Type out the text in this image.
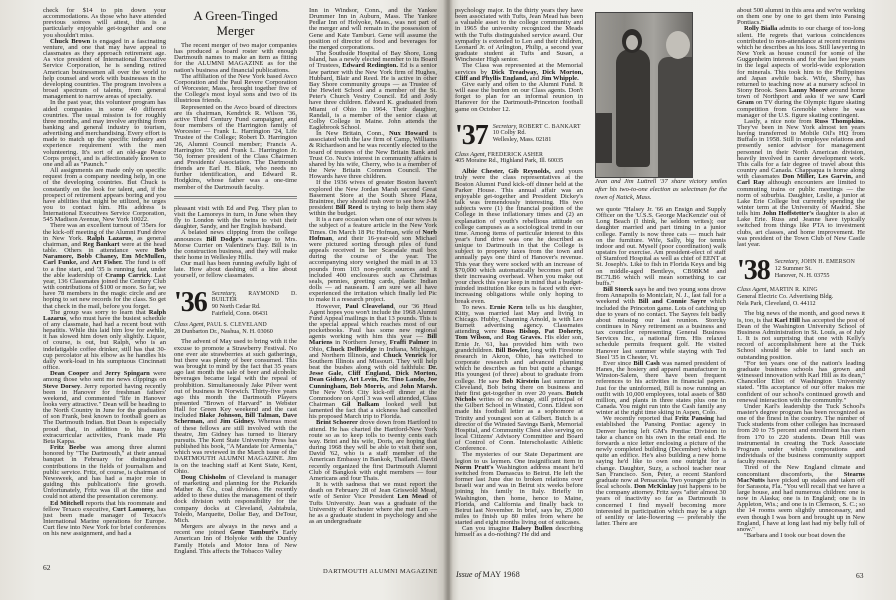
check for $14 to pin down your accommodations. As those who have attended previous soirees will attest, this is a particularly enjoyable get-together and one you shouldn't miss.

Chuck Brown is engaged in a fascinating venture, and one that may have appeal to classmates as they approach retirement age. As vice president of International Executive Service Corporation, he is sending retired American businessmen all over the world to help counsel and work with businesses in the developing countries. The program involves a broad spectrum of talents, from general management to narrow areas of specialty.

In the past year, this volunteer program has aided companies in some 40 different countries. The usual mission is for roughly three months, and may involve anything from banking and general industry to tourism, advertising and merchandising. Every effort is made to match up the specific industry and experience requirement with the men volunteering. It's sort of an old-age Peace Corps project, and is affectionately known to one and all as "Paunch."

All assignments are made only on specific request from a company needing help, in one of the developing countries. But Chuck is constantly on the look for talent, and, if the prospect of retirement appears boring and you have abilities that might be utilized, he urges you to contact him. His address is International Executives Service Corporation, 545 Madison Avenue, New York 10022.

There was an excellent turnout of '35ers for the kick-off meeting of the Alumni Fund drive in New York. Ralph Lazarus, as general chairman, and Reg Bankart were at the head table. Others in attendance were Bob Naramore, Bobb Chaney, Em McMullen, Carl Funke, and Art Fisher. The fund is off to a fine start, and '35 is running fast, under the able leadership of Cramp Carrick. Last year, 136 Classmates joined the Century Club with contributions of $100 or more. So far, we have 78 members in the magic circle and are hoping to set new records for the class. So get that check in the mail, before you forget.

The group was sorry to learn that Ralph Lazarus, who must have the busiest schedule of any classmate, had had a recent bout with hepatitis. While this laid him low for awhile, it has slowed him down only slightly. Liquor, of course, is out, but Ralph, who is an indefatigable coffee drinker, still has that 30-cup percolator at his elbow as he handles his daily work-load in his sumptuous Cincinnati office.

Dean Cooper and Jerry Spingarn were among those who sent me news clippings on Steve Dorsey. Jerry reported having recently been in Hanover for freshman fathers' weekend, and commented "life in Hanover looks very attractive." Dean will be heading to the North Country in June for the graduation of son Frank, best known to football goers as The Dartmouth Indian. But Dean is especially proud that, in addition to his many extracurricular activities, Frank made Phi Beta Kappa.

Fritz Beebe was among three alumni honored by "The Dartmouth," at their annual banquet in February for distinguished contributions in the fields of journalism and public service. Fritz, of course, is chairman of Newsweek, and has had a major role in guiding this publication's fine growth. Unfortunately, Fritz was ill at the time and could not attend the presentation ceremony.

Ed Mitchell reports that his roommate and fellow Texaco executive, Curt Lamorey, has just been made manager of Texaco's International Marine operations for Europe. Curt flew into New York for brief conferences on his new assignment, and had a

A Green-Tinged Merger

The recent merger of two major companies has produced a board roster with enough Dartmouth names to make an item as fitting for the ALUMNI MAGAZINE as for the nation's business and financial publications.

The affiliation of the New York based Avco Corporation and the Paul Revere Corporation of Worcester, Mass., brought together five of the College's most loyal sons and two of its illustrious friends.

Represented on the Avco board of directors are its chairman, Kendrick R. Wilson '36, active Third Century Fund campaigner, and four members of the Harrington family of Worcester — Frank L. Harrington '24, Life Trustee of the College; Robert D. Harrington '26, Alumni Council member; Francis A. Harrington '33; and Frank L. Harrington Jr. '50, former president of the Class Chairmen and Presidents' Association. The Dartmouth friends are Earl H. Blaik, who needs no further identification, and Edward R. Hodgkins, whose father was a one-time member of the Dartmouth faculty.

pleasant visit with Ed and Peg. They plan to visit the Lamoreys in turn, in June when they fly to London with the twins to visit their daughter, Sandy, and her English husband.

A belated news clipping from the college announces Bill Dodge's marriage to Mrs. Morse Currier on Valentine's Day. Bill is in the construction business, and they will make their home in Wellesley Hills.

Our mail has been running awfully light of late. How about dashing off a line about yourself, or fellow classmates.

'36 Secretary, RAYMOND D. BUILTER
90 North Cedar Rd.
Fairfield, Conn. 06431
Class Agent, PAUL S. CLEVELAND
28 Dunbarton Dr., Nashua, N. H. 03060

The advent of May used to bring with it the excuse to promote a Strawberry Festival. No one ever ate strawberries at such gatherings, but there was plenty of beer consumed. This was brought to mind by the fact that 35 years ago last month the sale of beer and alcoholic beverages became legal with the repeal of prohibition. Simultaneously Jake Pilver went out of business in Norwich. Thirty-five years ago this month the Dartmouth Players presented "Brown of Harvard" in Webster Hall for Green Key weekend and the cast included Blake Johnson, Bill Talman, Dave Scherman, and Jim Gidney. Whereas most of these fellows are still involved with the theatre, Jim Gidney has turned to literary pursuits. The Kent State University Press has published his book, "A Mandate for Armenia," which was reviewed in the March issue of the DARTMOUTH ALUMNI MAGAZINE. Jim is on the teaching staff at Kent State, Kent, Ohio.

Doug Chisholm of Cleveland is manager of marketing and planning for the Pickands Mather & Co., coal division. He recently added to these duties the management of their dock division with responsibility for the company docks at Cleveland, Ashtabula, Toledo, Marquette, Dollar Bay, and DeTour, Mich.

Mergers are always in the news and a recent one joined Gene Tamburi's Early American Inn of Holyoke with the Dunfey Family Hotels and Motor Inns of New England. This affects the Tobacco Valley

Inn in Windsor, Conn., and the Yankee Drummer Inn in Auburn, Mass. The Yankee Pedlar Inn of Holyoke, Mass., was not part of the merger and will remain in the possession of Gene and Kate Tamburi. Gene will assume the position of director of food and beverages for the merged corporations.

The Southside Hospital of Bay Shore, Long Island, has a newly elected member to its Board of Trustees, Edward Redington. Ed is a senior law partner with the New York firm of Hughes, Hubbard, Blair and Reed. He is active in other Bay Shore community groups — as Trustee of the Hewlett School and a member of the St. Peter's Church Vestry Council. Ed and Jody have three children. Edward K. graduated from Miami of Ohio in 1964. Their daughter, Randall, is a member of the senior class at Colby College in Maine. John attends the Eaglebrook School.

In New Britain, Conn., Nux Howard is associated with the law firm of Camp, Williams & Richardson and he was recently elected to the board of trustees of the New Britain Bank and Trust Co. Nux's interest in community affairs is shared by his wife, Cherry, who is a member of the New Britain Common Council. The Howards have three children.

If the 1936 wives of greater Boston haven't explored the New Jordan Marsh second Great Basement Store at the South Shore Plaza, Braintree, they should rush over to see how J-M president Bill Reed is trying to help them stay within the budget.

It is a rare occasion when one of our wives is the subject of a feature article in the New York Times. On March 18 Pic Hofman, wife of Norb Hofman, and their 16-year-old son Michael were pictured sorting through piles of fund appeals received in her Scarsdale mail box during the course of the year. The accompanying story weighed the mail in at 13 pounds from 103 non-profit sources and it included 400 enclosures such as Christmas seals, pennies, greeting cards, plastic Indian dolls — ad nauseam. I am sure we all have experienced the irritation which finally led Pic to make it a research project.

However, Paul Cleaveland, our '36 Head Agent hopes you won't include the 1968 Alumni Fund Appeal mailings in that 13 pounds. This is the special appeal which reaches most of our pocketbooks. Paul has some new regional agents working with him this year — Bill Mariens in Northern Jersey, Fraffi Palmer in Ohio, Chuck Dellbridge in Indiana, Michigan, and Northern Illinois, and Chuck Venrick for Southern Illinois and Missouri. They will help beat the bushes along with old faithfuls: Dr. Jesse Gale, Cliff England, Dick Morton, Dean Gidney, Art Levin, Dr. Tino Lando, Joe Cunningham, Bob Morris, and John Marsh. The New York City kick-off dinner at the Commodore on April 3 was well attended, Class Chairman Gil Balkam looked well but lamented the fact that a sickness had cancelled his proposed March trip to Florida.

Brint Schoerer drove down from Hartford to attend. He has charted the Hartford-New York route so as to keep tolls to twenty cents each way. Brint and his wife, Doris, are hoping that during 1968 they will be able to visit their son, David '62, who is a staff member of the American Embassy in Bankok, Thailand. David recently organized the first Dartmouth Alumni Club of Bangkok with eight members — four Americans and four Thais.

It is with sadness that we must report the death on February 28 of Jean Griswold Mead, wife of Senior Vice President Len Mead of Tufts University. Jean was a graduate of the University of Rochester where she met Len — he as a graduate student in psychology and she as an undergraduate

psychology major. In the thirty years they have been associated with Tufts, Jean Mead has been a valuable asset to the college community and in 1965 the university recognized the Meads with the Tufts distinguished service award. Our sympathy is extended to Len and their children, Leonard Jr. of Arlington, Philip, a second year graduate student at Tufts and Susan, a Winchester High senior.

The Class was represented at the Memorial services by Dick Treadway, Dick Morton, Cliff and Phyllis England, and Jim Whipple.

Give early and often to the Alumni Fund. It will ease the burden on our Class agents. Don't forget to plan for an informal reunion in Hanover for the Dartmouth-Princeton football game on October 12.

'37 Secretary, ROBERT C. BANKART
10 Colby Rd.
Wellesley, Mass. 02181
Class Agent, FREDERICK ASHER
405 Moraine Rd., Highland Park, Ill. 60035

Albie Chester, Gib Reynolds, and yours truly were the class representatives at the Boston Alumni Fund kick-off dinner held at the Parker House. This annual affair was an enjoyable get-together and President Dickey's talk was tremendously interesting. His two subjects were (1) the financial position of the College in these inflationary times and (2) an explanation of youth's rebellious attitude on college campuses as a sociological trend in our time. Among items of particular interest to this year's fund drive was one he described as unique to Dartmouth in that the College is subject to property taxes from the town and annually pays one third of Hanover's revenue. This year they were socked with an increase of $70,000 which automatically becomes part of their increasing overhead. When you make out your check this year keep in mind that a budget-minded institution like ours is faced with ever-increasing obligations while only hoping to break even.

To news. Ernie Kern tells us his daughter, Kitty, was married last May and living in Chicago. Hubby, Channing Arnold, is with Leo Burnett advertising agency. Classmates attending were Russ Bishop, Pat Doherty, Tom Wilson, and Rog Graves. His elder son, Ernie Jr. '61, has provided him with two grandchildren. Bill Bowler, long with Firestone research in Akron, Ohio, has switched to corporate research and advanced planning which he describes as fun but quite a change. His youngest (of three) about to graduate from college. He saw Bob Kirstein last summer in Cleveland, Bob being there on business and their first get-together in over 20 years. Butch Nichols writes of no change, still principal of the Gilbert School in Winsted, Conn. Eldest son made his football letter as a sophomore at Trinity and youngest son at Gilbert. Butch is a director of the Winsted Savings Bank, Memorial Hospital, and Community Chest also serving on local Citizens' Advisory Committee and Board of Control of Conn. Interscholastic Athletic Conference.

The mysteries of our State Department are legion to us laymen. One insignificant item in Norm Pratt's Washington address meant he'd switched from Damascus to Beirut. He left the former last June due to broken relations over Israeli war and was in Beirut six weeks before joining his family in Italy. Briefly in Washington, then home, hence to Maine, Florida, and California and finally back to Beirut last November. In brief, says he, 25,000 miles to finish up 80 miles from where he started and eight months living out of suitcases.

Can you imagine Halsey Bullen describing himself as a do-nothing? He did and

we quote "Halsey Jr. '66 an Ensign and Supply Officer on the 'U.S.S. George MacKenzie' out of Long Beach (I think, he seldom writes); our daughter married and part timing in a junior college. Family is now three cats — much hair on the furniture. Wife, Sally, big for tennis indoor and out. Myself (poor coordination) walk upstairs for exercise. Am president-elect of staff of Stamford Hospital as well as chief of EENT at St. Joseph's. Like to fish in Florida Keys and big on middle-aged Bentleys, CB98KM and BC7LB6 which will mean something to car buffs."

Bill Storck says he and two young sons drove from Annapolis to Montclair, N. J., last fall for a weekend with Bill and Connie Sayre which included the Princeton game. Lots of catching up due to years of no contact. The Sayres felt badly about missing our last reunion. Storcky continues in Navy retirement as a business and tax councilor representing General Business Services Inc., a national firm. His relaxed schedule permits frequent golf. He visited Hanover last summer while staying with Ted Steel '35 in Chester, Vt.

Ever since Bill Cash was named president of Hanes, the hosiery and apparel manufacturer in Winston-Salem, there have been frequent references to his activities in financial papers. Just for the uninformed, Bill is now running an outfit with 10,000 employees, total assets of $80 million, and plants in three states plus one in Canada. You might run into the Cash family any winter at the right time skiing in Aspen, Colo.

We recently reported that Fritz Pansing had established the Pansing Pontiac agency in Denver having left GM's Pontiac Division to take a chance on his own in the retail end. He forwards a nice letter enclosing a picture of the newly completed building (December) which is quite an edifice. He's also building a new home saying he'd like to own one outright for a change. Daughter, Suzy, a school teacher near San Francisco. Son, Peter, a recent Stanford graduate now at Pensacola. Two younger girls in local schools. Don McKinlay just happens to be the company attorney. Fritz says "after almost 30 years of inactivity so far as Dartmouth is concerned I find myself becoming more interested in participation which may be a sign of senility or late-flowering — preferably the latter. There are

about 500 alumni in this area and we're working on them one by one to get them into Pansing Pontiacs."

Rolly Bialla admits to our charge of too-long silent. He regrets that various coincidences contributed to non-attendance at recent reunions which he describes as his loss. Still lawyering in New York as house council for some of the Guggenheim interests and for the last few years in the legal aspects of world-wide exploration for minerals. This took him to the Philippines and Japan awhile back. Wife, Sherry, has returned to teaching now at a nursery school in Stony Brook. Sees Lanny Moore around home town of Northport and asks if we saw Carl Gram on TV during the Olympic figure skating competition from Grenoble where he was manager of the U.S. figure skating contingent.

Lastly, a nice note from Russ Thompkins. They've been in New York almost ten years having transferred to Mobile Oil's HQ from Buffalo in 1958. Still in employee relations and presently senior advisor for management personnel in their North American division, heavily involved in career development work. This calls for a fair degree of travel about this country and Canada. Chappaqua is home along with classmates Don Miller, Les Garvin, and Carl Ray although encounters are limited to commuting trains or public meetings — the norm of suburbia. Daughter, Leslie, a junior at Lake Erie College but currently spending the winter term at the University of Madrid. She tells him John Hoffstetter's daughter is also at Lake Erie. Russ and Jeanne have typically switched from things like PTA to investment clubs, art classes, and home improvement. He was president of the Town Club of New Castle last year.

'38 Secretary, JOHN H. EMERSON
12 Summer St.
Hanover, N. H. 03755
Class Agent, MARTIN R. KING
General Electric Co. Advertising Bldg.
Nela Park, Cleveland, O. 44112

The big news of the month, and good news it is, too, is that Karl Hill has accepted the post of Dean of the Washington University School of Business Administration in St. Louis, as of July 1. It is not surprising that one with Kelly's record of accomplishment here at the Tuck School should be able to land such an outstanding position.

"For ten years one of the nation's leading graduate business schools has grown and witnessed innovation with Karl Hill as its dean," Chancellor Eliot of Washington University stated. "His acceptance of our offer makes me confident of our school's continued growth and renewal interaction with the community."

Under Karl's leadership the Tuck School's master's degree program has been recognized as one of the finest in the country. The number of Tuck students from other colleges has increased from 20 to 75 percent and enrollment has risen from 170 to 220 students. Dean Hill was instrumental in creating the Tuck Associate Program under which corporations and individuals of the business community support faculty research.

Tired of the New England climate and concomitant discomforts, the Stearns MacNutts have picked up stakes and taken off for Sarasota, Fla. "You will recall that we have a large house, and had numerous children: one is now in Alaska; one is in England; one is in Appleton, Wis.; and one is in Clemson, S. C.; so the 14 rooms seem slightly unnecessary, and even though I was born and brought up in New England, I have at long last had my belly full of snow."

"Barbara and I took our boat down the

Jean and Jim Luttrell '37 share victory smiles after his two-to-one election as selectman for the town of Natick, Mass.
62	DARTMOUTH ALUMNI MAGAZINE Issue of MAY 1968	63
